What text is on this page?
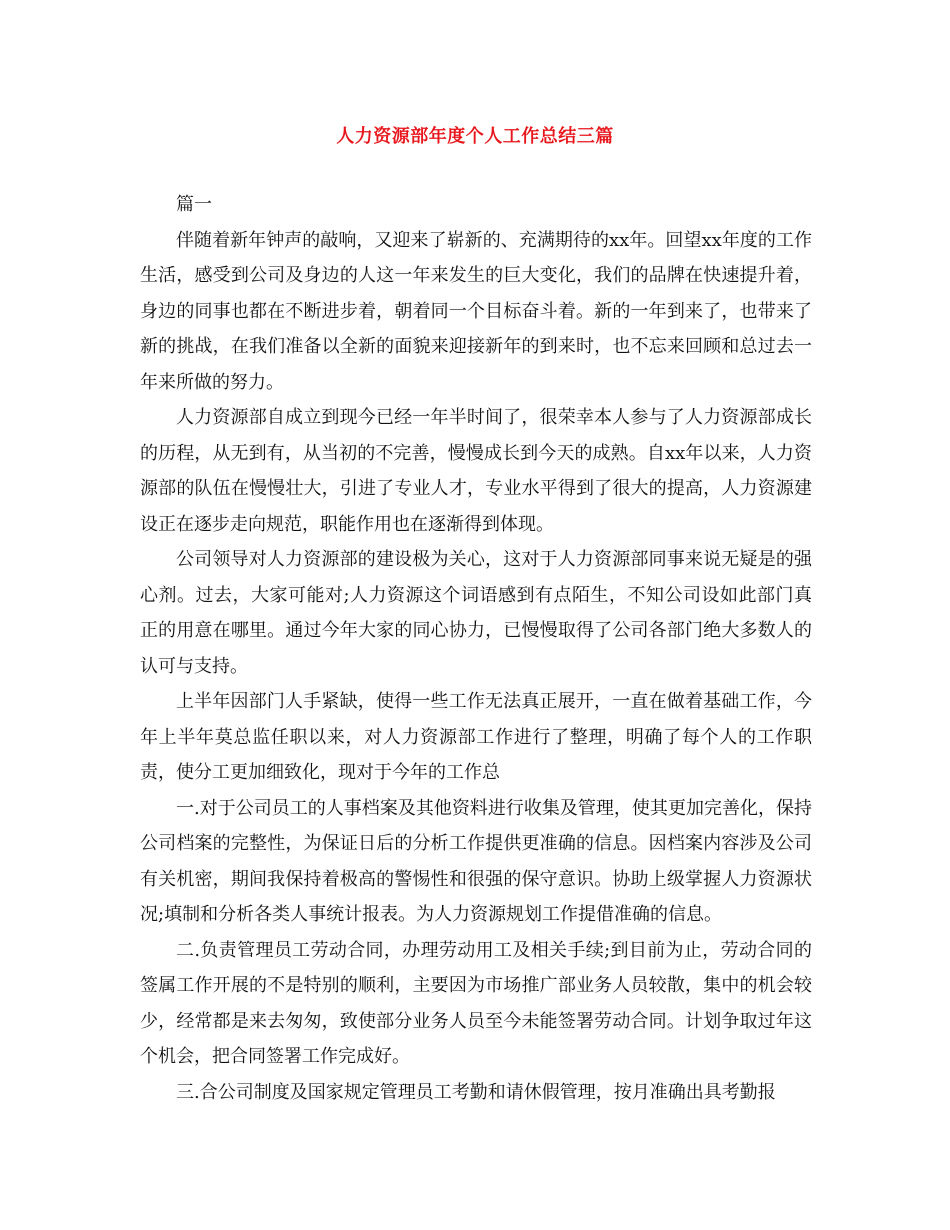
人力资源部年度个人工作总结三篇

篇一

伴随着新年钟声的敲响，又迎来了崭新的、充满期待的xx年。回望xx年度的工作生活，感受到公司及身边的人这一年来发生的巨大变化，我们的品牌在快速提升着，身边的同事也都在不断进步着，朝着同一个目标奋斗着。新的一年到来了，也带来了新的挑战，在我们准备以全新的面貌来迎接新年的到来时，也不忘来回顾和总过去一年来所做的努力。

人力资源部自成立到现今已经一年半时间了，很荣幸本人参与了人力资源部成长的历程，从无到有，从当初的不完善，慢慢成长到今天的成熟。自xx年以来，人力资源部的队伍在慢慢壮大，引进了专业人才，专业水平得到了很大的提高，人力资源建设正在逐步走向规范，职能作用也在逐渐得到体现。

公司领导对人力资源部的建设极为关心，这对于人力资源部同事来说无疑是的强心剂。过去，大家可能对;人力资源这个词语感到有点陌生，不知公司设如此部门真正的用意在哪里。通过今年大家的同心协力，已慢慢取得了公司各部门绝大多数人的认可与支持。

上半年因部门人手紧缺，使得一些工作无法真正展开，一直在做着基础工作，今年上半年莫总监任职以来，对人力资源部工作进行了整理，明确了每个人的工作职责，使分工更加细致化，现对于今年的工作总

一.对于公司员工的人事档案及其他资料进行收集及管理，使其更加完善化，保持公司档案的完整性，为保证日后的分析工作提供更准确的信息。因档案内容涉及公司有关机密，期间我保持着极高的警惕性和很强的保守意识。协助上级掌握人力资源状况;填制和分析各类人事统计报表。为人力资源规划工作提借准确的信息。

二.负责管理员工劳动合同，办理劳动用工及相关手续;到目前为止，劳动合同的签属工作开展的不是特别的顺利，主要因为市场推广部业务人员较散，集中的机会较少，经常都是来去匆匆，致使部分业务人员至今未能签署劳动合同。计划争取过年这个机会，把合同签署工作完成好。

三.合公司制度及国家规定管理员工考勤和请休假管理，按月准确出具考勤报
